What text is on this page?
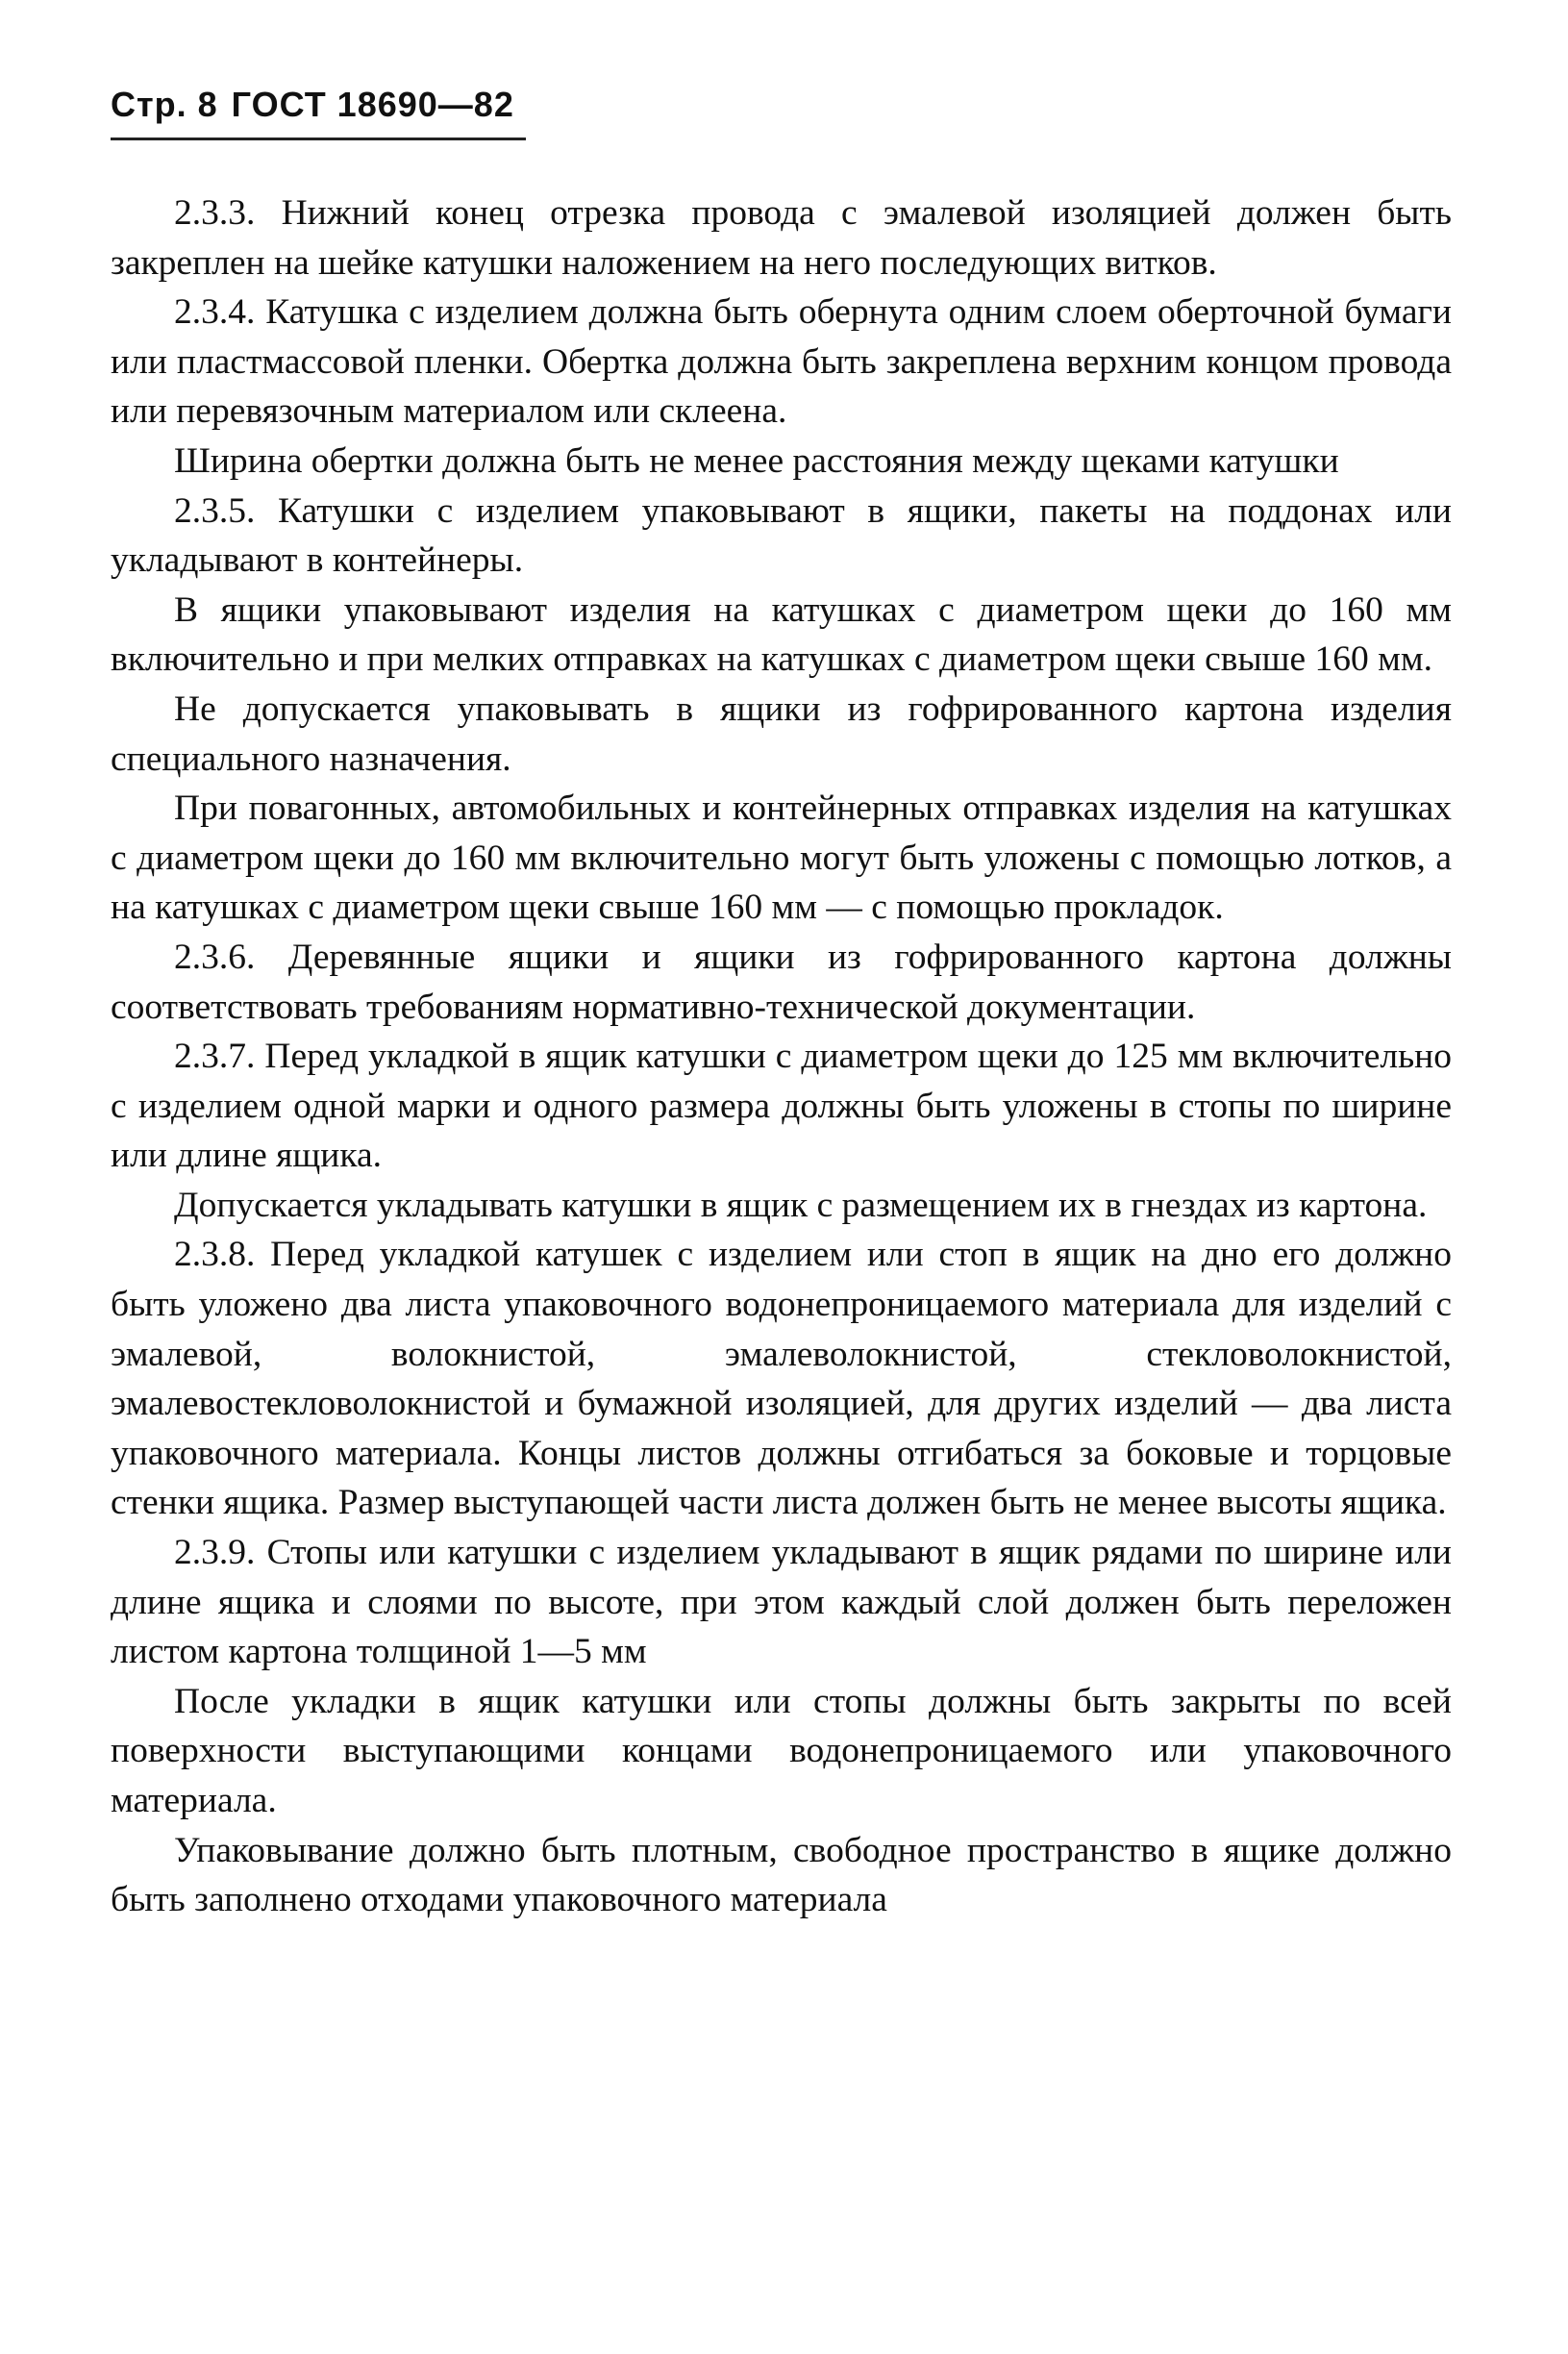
Стр. 8 ГОСТ 18690—82

2.3.3. Нижний конец отрезка провода с эмалевой изоляцией должен быть закреплен на шейке катушки наложением на него последующих витков.

2.3.4. Катушка с изделием должна быть обернута одним слоем оберточной бумаги или пластмассовой пленки. Обертка должна быть закреплена верхним концом провода или перевязочным материалом или склеена.

Ширина обертки должна быть не менее расстояния между щеками катушки

2.3.5. Катушки с изделием упаковывают в ящики, пакеты на поддонах или укладывают в контейнеры.

В ящики упаковывают изделия на катушках с диаметром щеки до 160 мм включительно и при мелких отправках на катушках с диаметром щеки свыше 160 мм.

Не допускается упаковывать в ящики из гофрированного картона изделия специального назначения.

При повагонных, автомобильных и контейнерных отправках изделия на катушках с диаметром щеки до 160 мм включительно могут быть уложены с помощью лотков, а на катушках с диаметром щеки свыше 160 мм — с помощью прокладок.

2.3.6. Деревянные ящики и ящики из гофрированного картона должны соответствовать требованиям нормативно-технической документации.

2.3.7. Перед укладкой в ящик катушки с диаметром щеки до 125 мм включительно с изделием одной марки и одного размера должны быть уложены в стопы по ширине или длине ящика.

Допускается укладывать катушки в ящик с размещением их в гнездах из картона.

2.3.8. Перед укладкой катушек с изделием или стоп в ящик на дно его должно быть уложено два листа упаковочного водонепроницаемого материала для изделий с эмалевой, волокнистой, эмалеволокнистой, стекловолокнистой, эмалевостекловолокнистой и бумажной изоляцией, для других изделий — два листа упаковочного материала. Концы листов должны отгибаться за боковые и торцовые стенки ящика. Размер выступающей части листа должен быть не менее высоты ящика.

2.3.9. Стопы или катушки с изделием укладывают в ящик рядами по ширине или длине ящика и слоями по высоте, при этом каждый слой должен быть переложен листом картона толщиной 1—5 мм

После укладки в ящик катушки или стопы должны быть закрыты по всей поверхности выступающими концами водонепроницаемого или упаковочного материала.

Упаковывание должно быть плотным, свободное пространство в ящике должно быть заполнено отходами упаковочного материала
